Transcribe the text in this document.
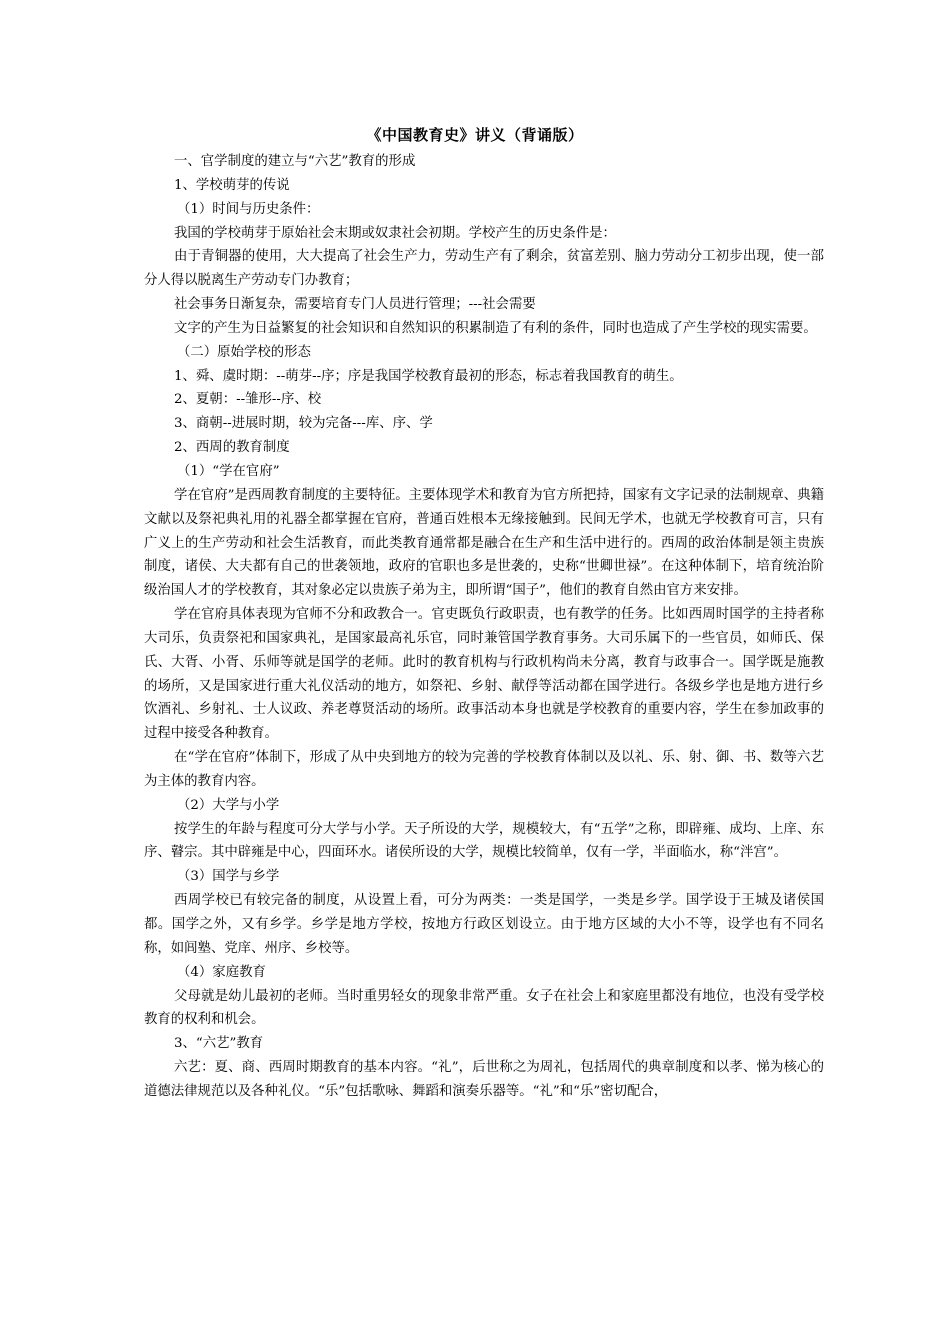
《中国教育史》讲义（背诵版）

一、官学制度的建立与“六艺”教育的形成

1、学校萌芽的传说

（1）时间与历史条件：

我国的学校萌芽于原始社会末期或奴隶社会初期。学校产生的历史条件是：

由于青铜器的使用，大大提高了社会生产力，劳动生产有了剩余，贫富差别、脑力劳动分工初步出现，使一部分人得以脱离生产劳动专门办教育；

社会事务日渐复杂，需要培育专门人员进行管理；---社会需要

文字的产生为日益繁复的社会知识和自然知识的积累制造了有利的条件，同时也造成了产生学校的现实需要。

（二）原始学校的形态

1、舜、虞时期：--萌芽--序；序是我国学校教育最初的形态，标志着我国教育的萌生。

2、夏朝：--雏形--序、校

3、商朝--进展时期，较为完备---库、序、学

2、西周的教育制度

（1）“学在官府”

学在官府”是西周教育制度的主要特征。主要体现学术和教育为官方所把持，国家有文字记录的法制规章、典籍文献以及祭祀典礼用的礼器全都掌握在官府，普通百姓根本无缘接触到。民间无学术，也就无学校教育可言，只有广义上的生产劳动和社会生活教育，而此类教育通常都是融合在生产和生活中进行的。西周的政治体制是领主贵族制度，诸侯、大夫都有自己的世袭领地，政府的官职也多是世袭的，史称“世卿世禄”。在这种体制下，培育统治阶级治国人才的学校教育，其对象必定以贵族子弟为主，即所谓“国子”，他们的教育自然由官方来安排。

学在官府具体表现为官师不分和政教合一。官吏既负行政职责，也有教学的任务。比如西周时国学的主持者称大司乐，负责祭祀和国家典礼，是国家最高礼乐官，同时兼管国学教育事务。大司乐属下的一些官员，如师氏、保氏、大胥、小胥、乐师等就是国学的老师。此时的教育机构与行政机构尚未分离，教育与政事合一。国学既是施教的场所，又是国家进行重大礼仪活动的地方，如祭祀、乡射、献俘等活动都在国学进行。各级乡学也是地方进行乡饮酒礼、乡射礼、士人议政、养老尊贤活动的场所。政事活动本身也就是学校教育的重要内容，学生在参加政事的过程中接受各种教育。

在“学在官府”体制下，形成了从中央到地方的较为完善的学校教育体制以及以礼、乐、射、御、书、数等六艺为主体的教育内容。

（2）大学与小学

按学生的年龄与程度可分大学与小学。天子所设的大学，规模较大，有“五学”之称，即辟雍、成均、上庠、东序、瞽宗。其中辟雍是中心，四面环水。诸侯所设的大学，规模比较简单，仅有一学，半面临水，称“泮宫”。

（3）国学与乡学

西周学校已有较完备的制度，从设置上看，可分为两类：一类是国学，一类是乡学。国学设于王城及诸侯国都。国学之外，又有乡学。乡学是地方学校，按地方行政区划设立。由于地方区域的大小不等，设学也有不同名称，如闾塾、党庠、州序、乡校等。

（4）家庭教育

父母就是幼儿最初的老师。当时重男轻女的现象非常严重。女子在社会上和家庭里都没有地位，也没有受学校教育的权利和机会。

3、“六艺”教育

六艺：夏、商、西周时期教育的基本内容。“礼”，后世称之为周礼，包括周代的典章制度和以孝、悌为核心的道德法律规范以及各种礼仪。“乐”包括歌咏、舞蹈和演奏乐器等。“礼”和“乐”密切配合，
